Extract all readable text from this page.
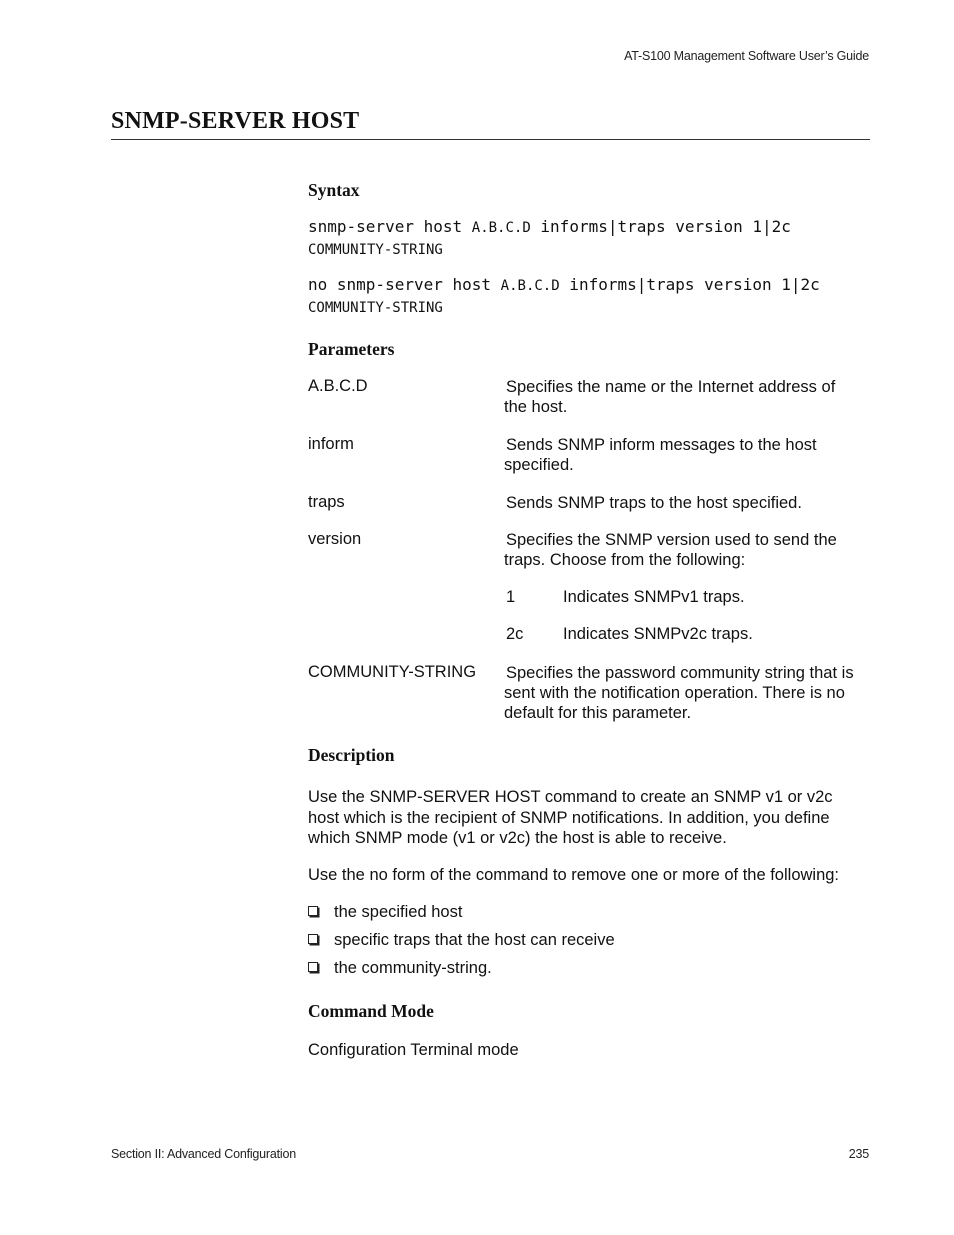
AT-S100 Management Software User’s Guide
SNMP-SERVER HOST
Syntax
snmp-server host A.B.C.D informs|traps version 1|2c
COMMUNITY-STRING
no snmp-server host A.B.C.D informs|traps version 1|2c
COMMUNITY-STRING
Parameters
A.B.C.D	Specifies the name or the Internet address of
the host.
inform	Sends SNMP inform messages to the host
specified.
traps	Sends SNMP traps to the host specified.
version	Specifies the SNMP version used to send the
traps. Choose from the following:
1	Indicates SNMPv1 traps.
2c Indicates SNMPv2c traps.
COMMUNITY-STRING Specifies the password community string that is
sent with the notification operation. There is no
default for this parameter.
Description
Use the SNMP-SERVER HOST command to create an SNMP v1 or v2c
host which is the recipient of SNMP notifications. In addition, you define
which SNMP mode (v1 or v2c) the host is able to receive.
Use the no form of the command to remove one or more of the following:
the specified host
specific traps that the host can receive
the community-string.
Command Mode
Configuration Terminal mode
Section II: Advanced Configuration	235
